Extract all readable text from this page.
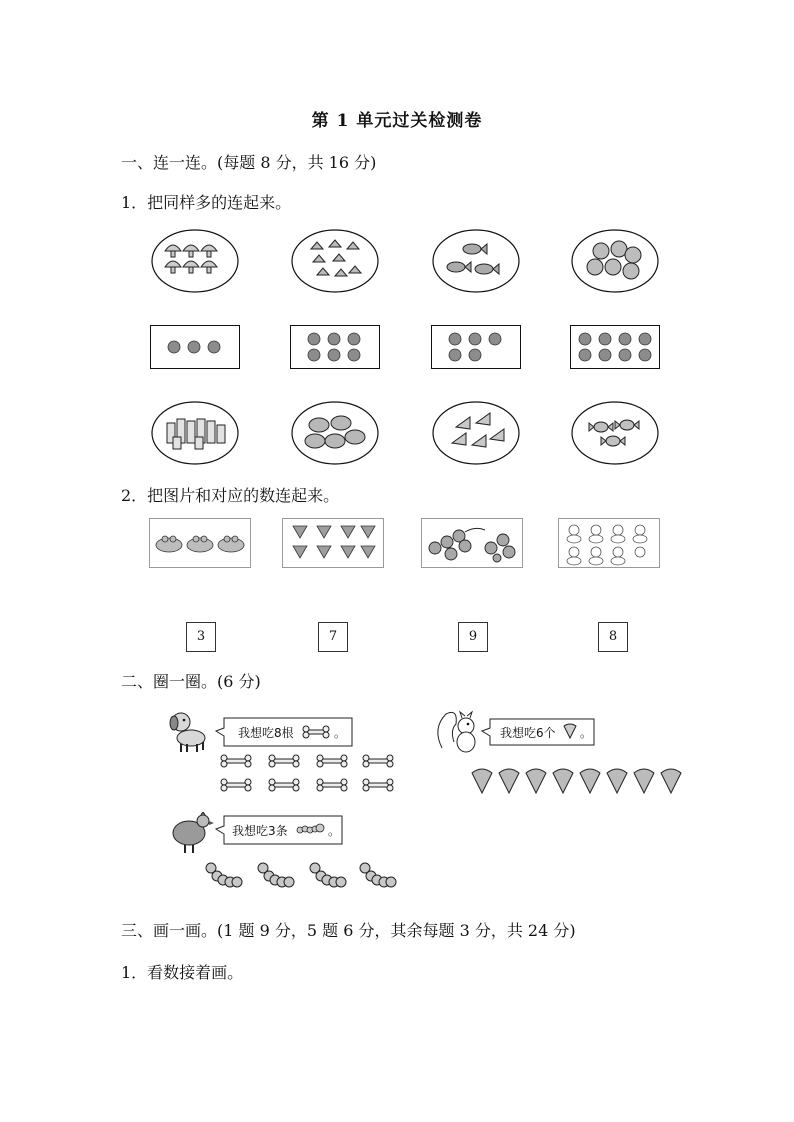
第 1 单元过关检测卷
一、连一连。(每题 8 分，共 16 分)
1．把同样多的连起来。
2．把图片和对应的数连起来。
3	7	9	8
二、圈一圈。(6 分)
我想吃8根	。	我想吃6个 。
我想吃3条	。
三、画一画。(1 题 9 分，5 题 6 分，其余每题 3 分，共 24 分)
1．看数接着画。
